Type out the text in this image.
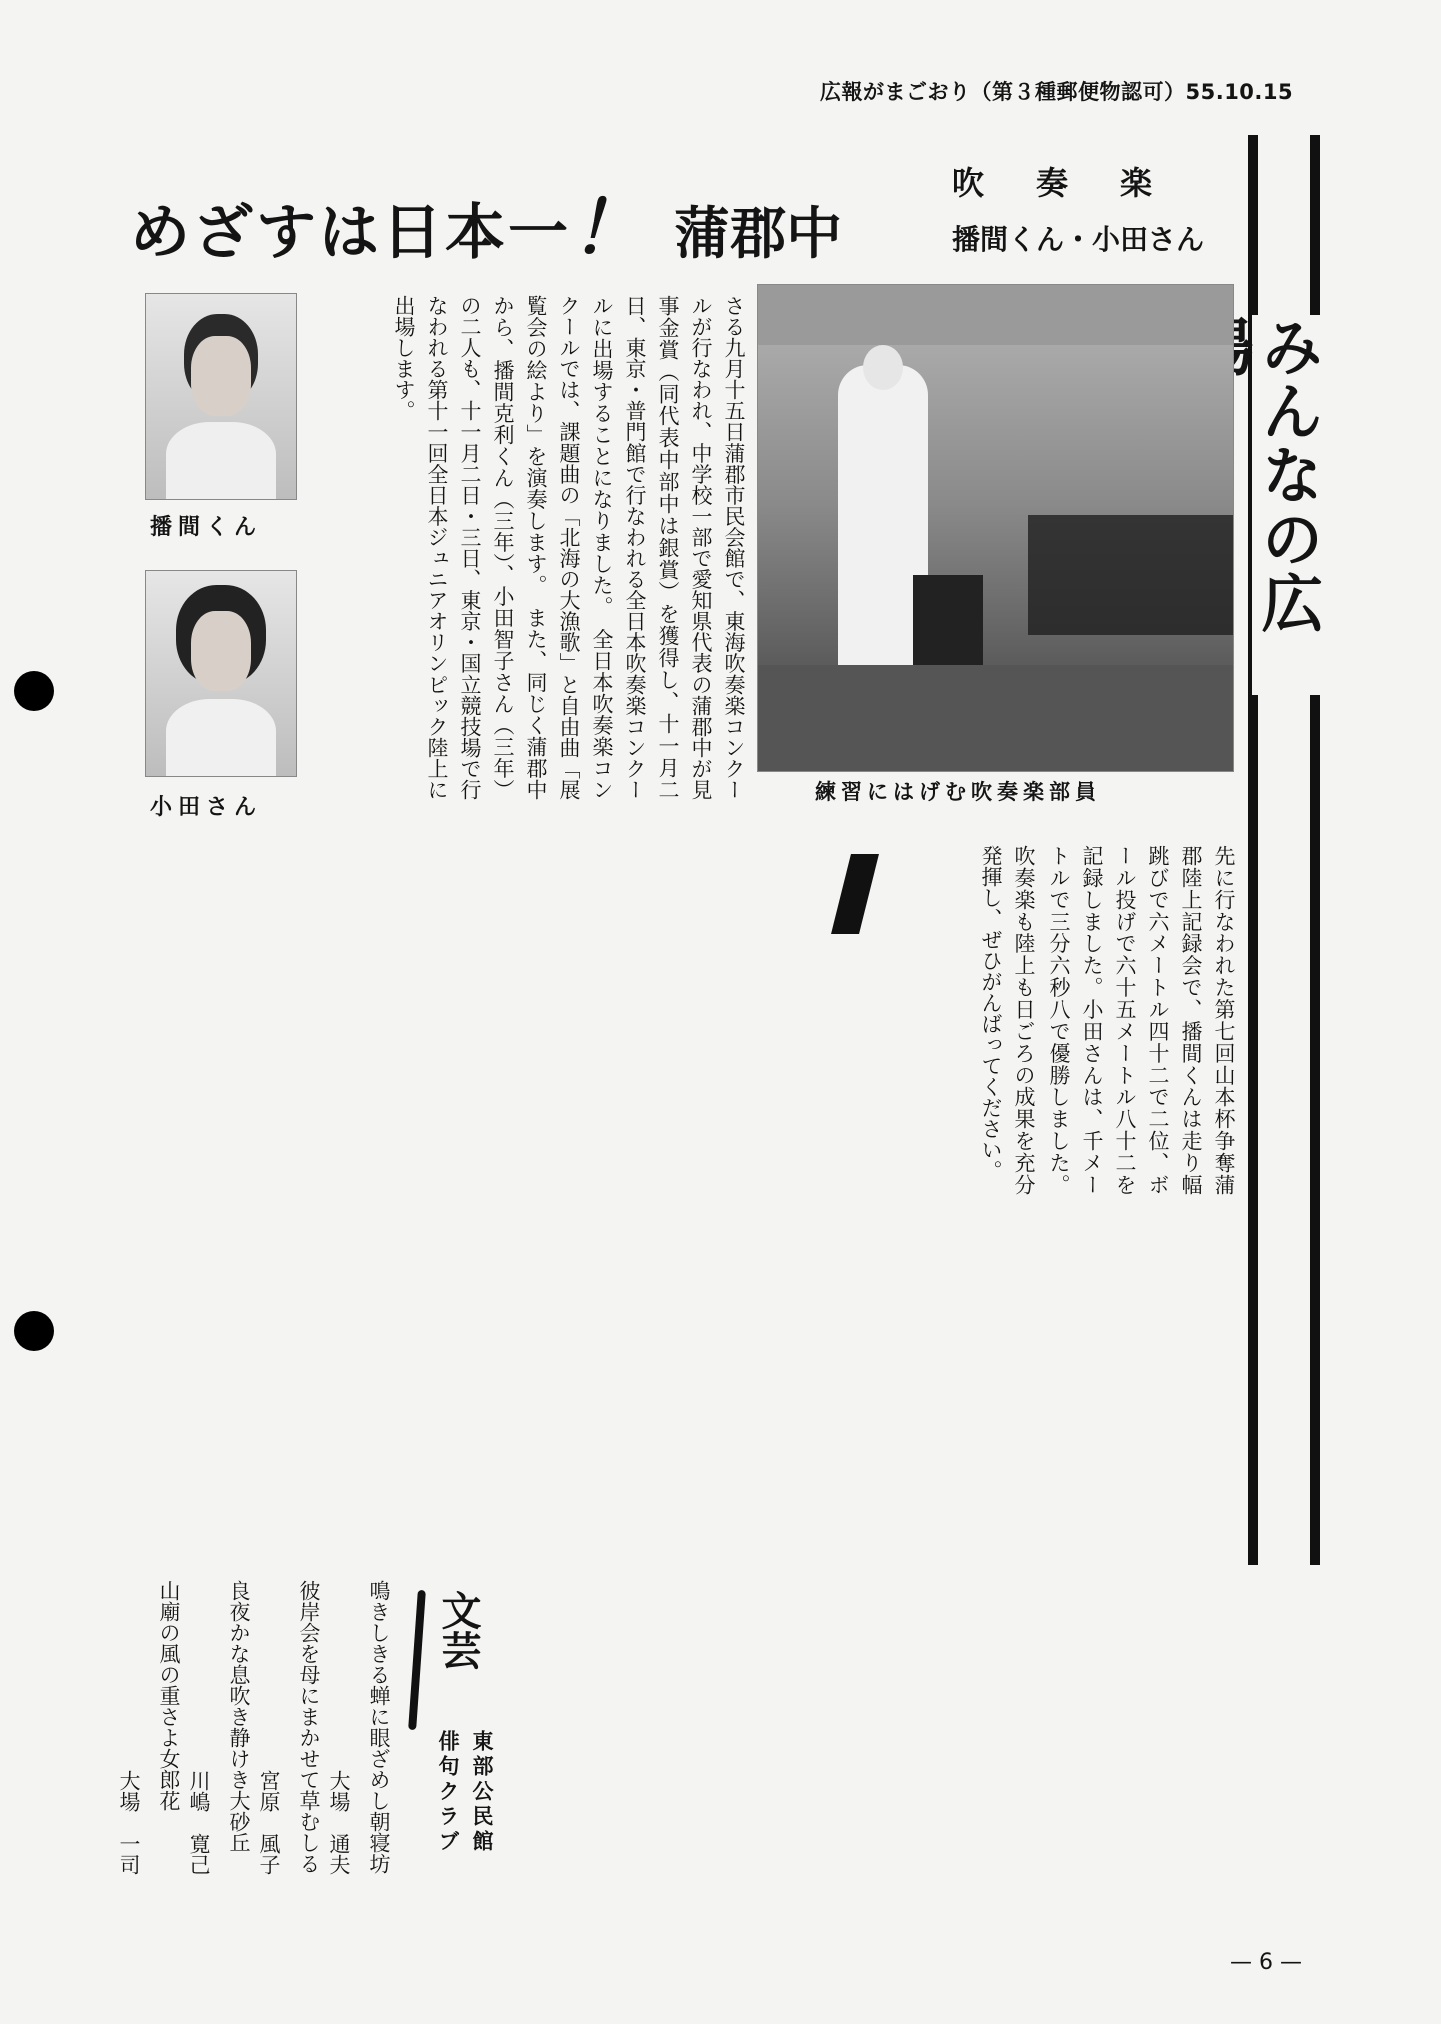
広報がまごおり（第３種郵便物認可）55.10.15
めざすは日本一！ 蒲郡中
吹　奏　楽
播間くん・小田さん
みんなの広
播間くん
小田さん
練習にはげむ吹奏楽部員
さる九月十五日蒲郡市民会館で、東海吹奏楽コンクールが行なわれ、中学校一部で愛知県代表の蒲郡中が見事金賞（同代表中部中は銀賞）を獲得し、十一月二日、東京・普門館で行なわれる全日本吹奏楽コンクールに出場することになりました。　全日本吹奏楽コンクールでは、課題曲の「北海の大漁歌」と自由曲「展覧会の絵より」を演奏します。　また、同じく蒲郡中から、播間克利くん（三年）、小田智子さん（三年）の二人も、十一月二日・三日、東京・国立競技場で行なわれる第十一回全日本ジュニアオリンピック陸上に出場します。
先に行なわれた第七回山本杯争奪蒲郡陸上記録会で、播間くんは走り幅跳びで六メートル四十二で二位、ボール投げで六十五メートル八十二を記録しました。小田さんは、千メートルで三分六秒八で優勝しました。
吹奏楽も陸上も日ごろの成果を充分発揮し、ぜひがんばってください。
文芸
東部公民館
俳句クラブ
鳴きしきる蝉に眼ざめし朝寝坊
大場　通夫
彼岸会を母にまかせて草むしる
宮原　風子
良夜かな息吹き静けき大砂丘
川嶋　寛己
山廟の風の重さよ女郎花
大場　一司
— 6 —
